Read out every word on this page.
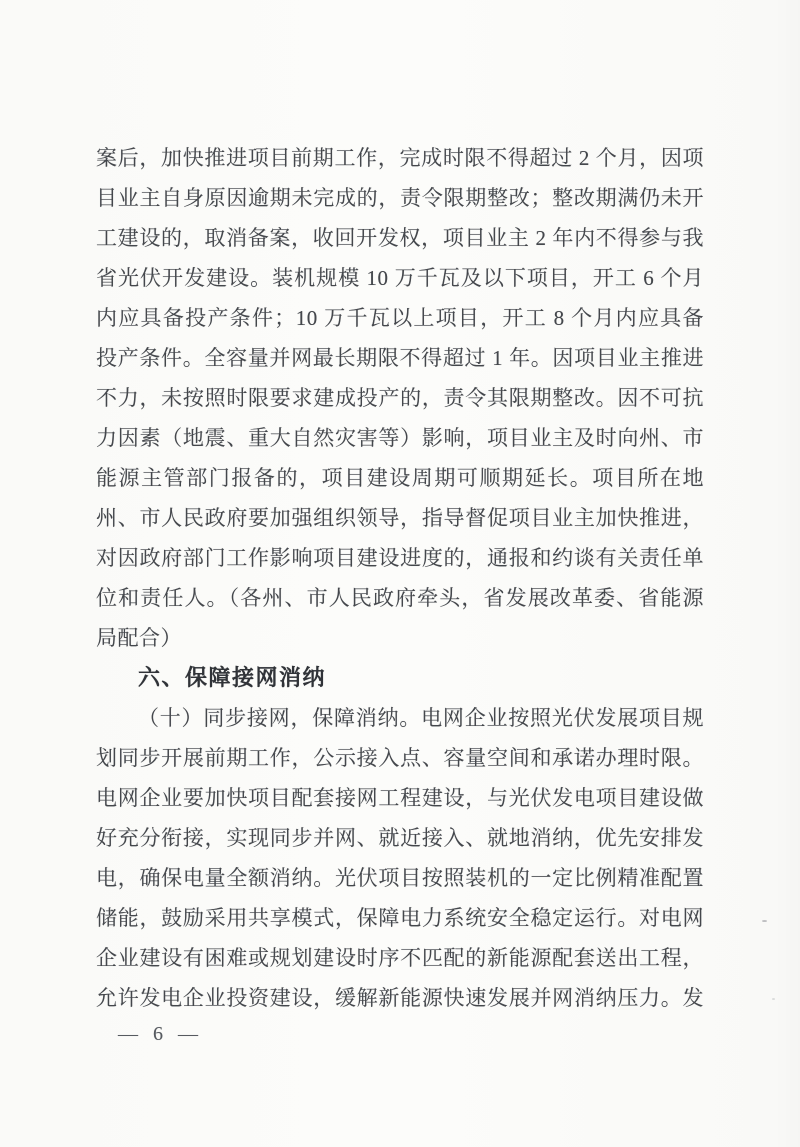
案后，加快推进项目前期工作，完成时限不得超过 2 个月，因项
目业主自身原因逾期未完成的，责令限期整改；整改期满仍未开
工建设的，取消备案，收回开发权，项目业主 2 年内不得参与我
省光伏开发建设。装机规模 10 万千瓦及以下项目，开工 6 个月
内应具备投产条件；10 万千瓦以上项目，开工 8 个月内应具备
投产条件。全容量并网最长期限不得超过 1 年。因项目业主推进
不力，未按照时限要求建成投产的，责令其限期整改。因不可抗
力因素（地震、重大自然灾害等）影响，项目业主及时向州、市
能源主管部门报备的，项目建设周期可顺期延长。项目所在地
州、市人民政府要加强组织领导，指导督促项目业主加快推进，
对因政府部门工作影响项目建设进度的，通报和约谈有关责任单
位和责任人。（各州、市人民政府牵头，省发展改革委、省能源
局配合）
六、保障接网消纳
（十）同步接网，保障消纳。电网企业按照光伏发展项目规
划同步开展前期工作，公示接入点、容量空间和承诺办理时限。
电网企业要加快项目配套接网工程建设，与光伏发电项目建设做
好充分衔接，实现同步并网、就近接入、就地消纳，优先安排发
电，确保电量全额消纳。光伏项目按照装机的一定比例精准配置
储能，鼓励采用共享模式，保障电力系统安全稳定运行。对电网
企业建设有困难或规划建设时序不匹配的新能源配套送出工程，
允许发电企业投资建设，缓解新能源快速发展并网消纳压力。发
— 6 —
